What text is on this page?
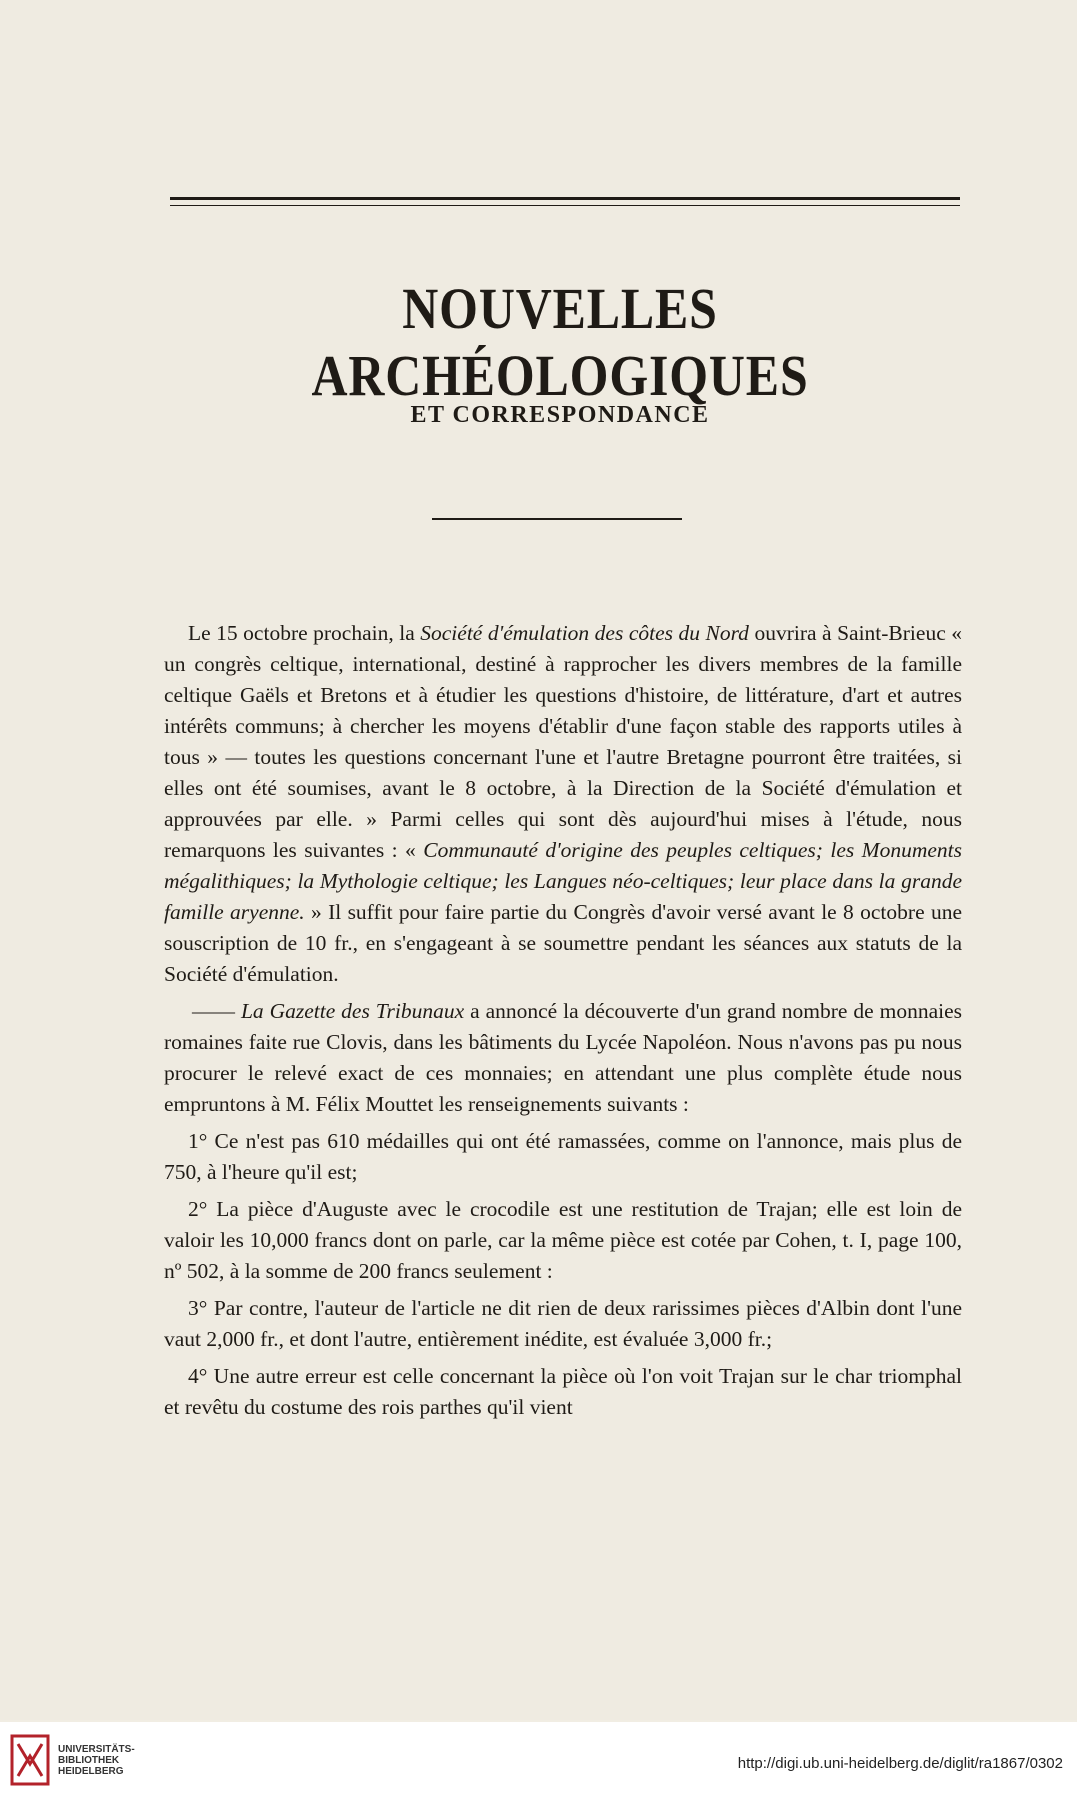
NOUVELLES ARCHÉOLOGIQUES
ET CORRESPONDANCE

Le 15 octobre prochain, la Société d'émulation des côtes du Nord ouvrira à Saint-Brieuc « un congrès celtique, international, destiné à rapprocher les divers membres de la famille celtique Gaëls et Bretons et à étudier les questions d'histoire, de littérature, d'art et autres intérêts communs; à chercher les moyens d'établir d'une façon stable des rapports utiles à tous » — toutes les questions concernant l'une et l'autre Bretagne pourront être traitées, si elles ont été soumises, avant le 8 octobre, à la Direction de la Société d'émulation et approuvées par elle. » Parmi celles qui sont dès aujourd'hui mises à l'étude, nous remarquons les suivantes : « Communauté d'origine des peuples celtiques; les Monuments mégalithiques; la Mythologie celtique; les Langues néo-celtiques; leur place dans la grande famille aryenne. » Il suffit pour faire partie du Congrès d'avoir versé avant le 8 octobre une souscription de 10 fr., en s'engageant à se soumettre pendant les séances aux statuts de la Société d'émulation.

—— La Gazette des Tribunaux a annoncé la découverte d'un grand nombre de monnaies romaines faite rue Clovis, dans les bâtiments du Lycée Napoléon. Nous n'avons pas pu nous procurer le relevé exact de ces monnaies; en attendant une plus complète étude nous empruntons à M. Félix Mouttet les renseignements suivants :

1° Ce n'est pas 610 médailles qui ont été ramassées, comme on l'annonce, mais plus de 750, à l'heure qu'il est;

2° La pièce d'Auguste avec le crocodile est une restitution de Trajan; elle est loin de valoir les 10,000 francs dont on parle, car la même pièce est cotée par Cohen, t. I, page 100, nº 502, à la somme de 200 francs seulement :

3° Par contre, l'auteur de l'article ne dit rien de deux rarissimes pièces d'Albin dont l'une vaut 2,000 fr., et dont l'autre, entièrement inédite, est évaluée 3,000 fr.;

4° Une autre erreur est celle concernant la pièce où l'on voit Trajan sur le char triomphal et revêtu du costume des rois parthes qu'il vient

UNIVERSITÄTS-
BIBLIOTHEK
HEIDELBERG	http://digi.ub.uni-heidelberg.de/diglit/ra1867/0302
